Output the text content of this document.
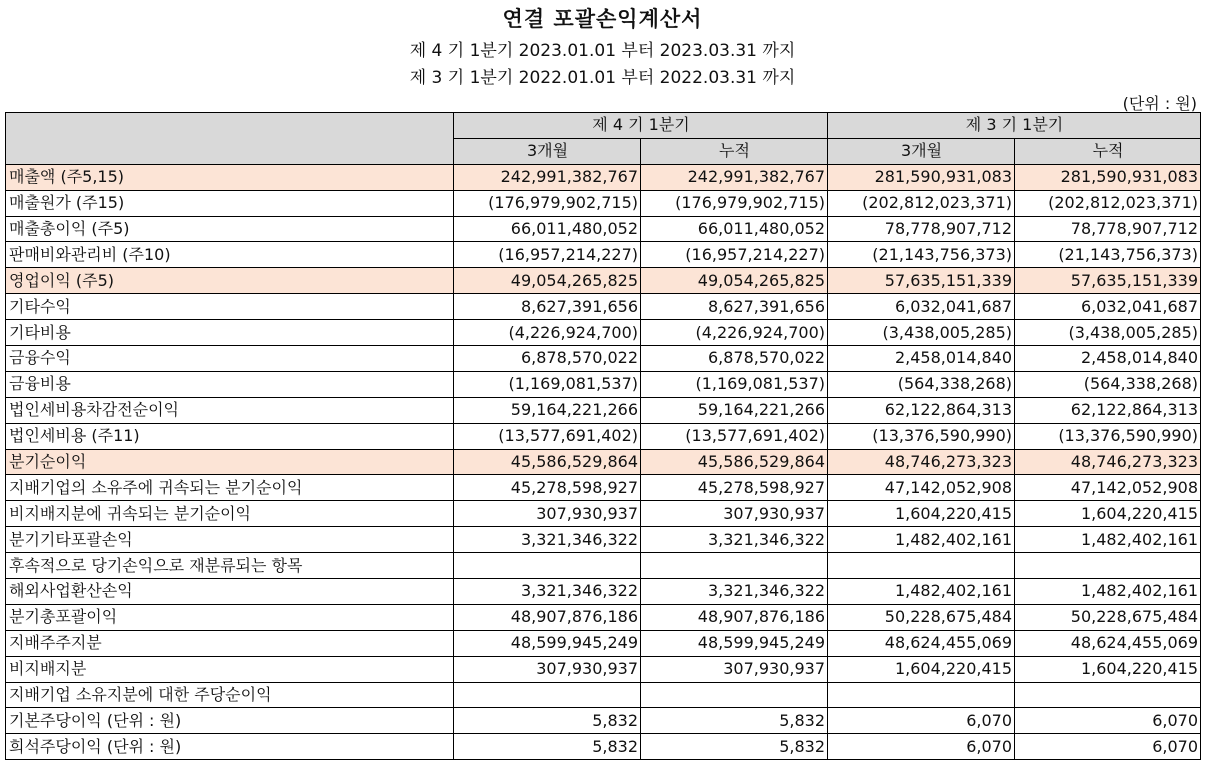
연결 포괄손익계산서
제 4 기 1분기 2023.01.01 부터 2023.03.31 까지
제 3 기 1분기 2022.01.01 부터 2022.03.31 까지
(단위 : 원)
	제 4 기 1분기		제 3 기 1분기	
	3개월	누적	3개월	누적
매출액 (주5,15)	242,991,382,767	242,991,382,767	281,590,931,083	281,590,931,083
매출원가 (주15)	(176,979,902,715)	(176,979,902,715)	(202,812,023,371)	(202,812,023,371)
매출총이익 (주5)	66,011,480,052	66,011,480,052	78,778,907,712	78,778,907,712
판매비와관리비 (주10)	(16,957,214,227)	(16,957,214,227)	(21,143,756,373)	(21,143,756,373)
영업이익 (주5)	49,054,265,825	49,054,265,825	57,635,151,339	57,635,151,339
기타수익	8,627,391,656	8,627,391,656	6,032,041,687	6,032,041,687
기타비용	(4,226,924,700)	(4,226,924,700)	(3,438,005,285)	(3,438,005,285)
금융수익	6,878,570,022	6,878,570,022	2,458,014,840	2,458,014,840
금융비용	(1,169,081,537)	(1,169,081,537)	(564,338,268)	(564,338,268)
법인세비용차감전순이익	59,164,221,266	59,164,221,266	62,122,864,313	62,122,864,313
법인세비용 (주11)	(13,577,691,402)	(13,577,691,402)	(13,376,590,990)	(13,376,590,990)
분기순이익	45,586,529,864	45,586,529,864	48,746,273,323	48,746,273,323
지배기업의 소유주에 귀속되는 분기순이익	45,278,598,927	45,278,598,927	47,142,052,908	47,142,052,908
비지배지분에 귀속되는 분기순이익	307,930,937	307,930,937	1,604,220,415	1,604,220,415
분기기타포괄손익	3,321,346,322	3,321,346,322	1,482,402,161	1,482,402,161
후속적으로 당기손익으로 재분류되는 항목				
해외사업환산손익	3,321,346,322	3,321,346,322	1,482,402,161	1,482,402,161
분기총포괄이익	48,907,876,186	48,907,876,186	50,228,675,484	50,228,675,484
지배주주지분	48,599,945,249	48,599,945,249	48,624,455,069	48,624,455,069
비지배지분	307,930,937	307,930,937	1,604,220,415	1,604,220,415
지배기업 소유지분에 대한 주당순이익				
기본주당이익 (단위 : 원)	5,832	5,832	6,070	6,070
희석주당이익 (단위 : 원)	5,832	5,832	6,070	6,070
